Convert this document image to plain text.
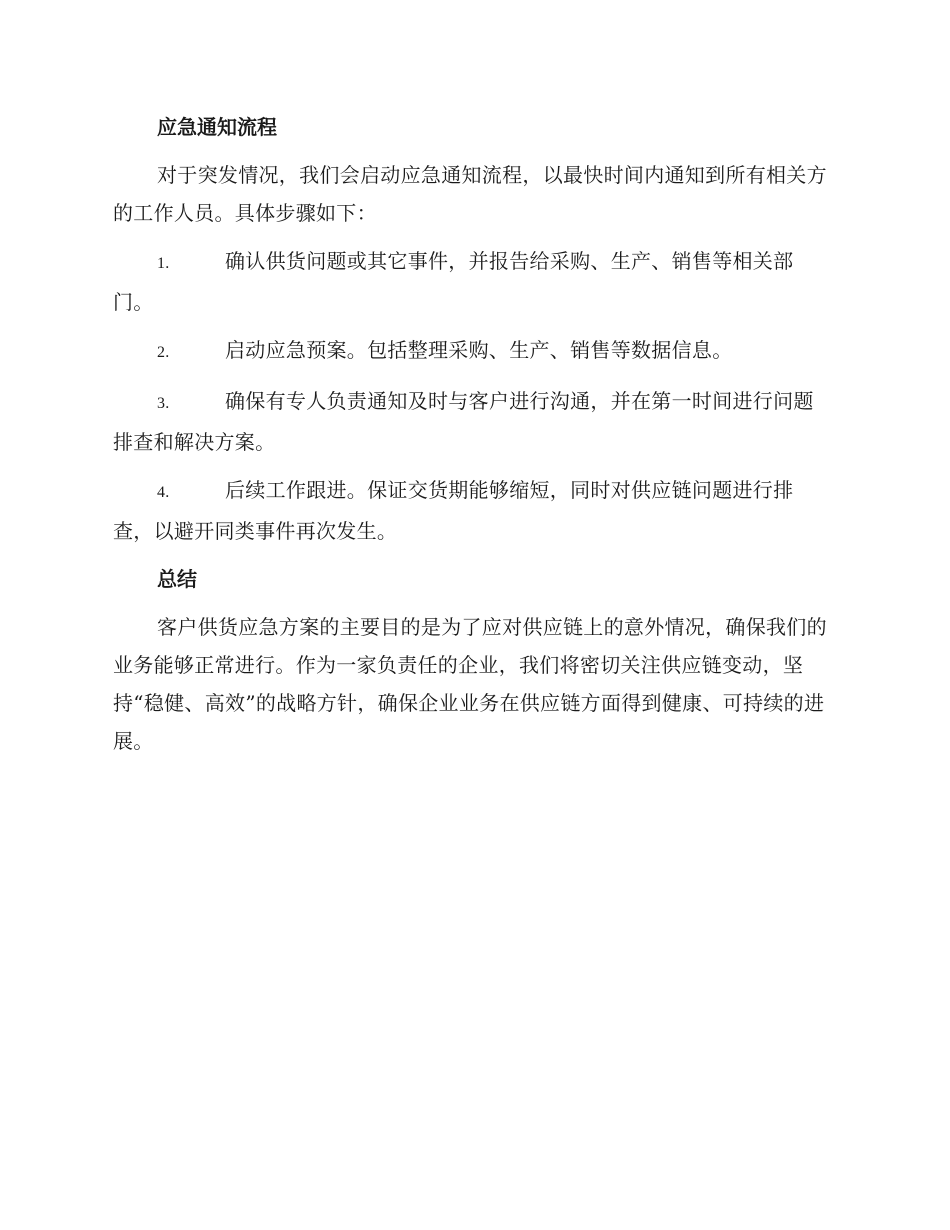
应急通知流程

对于突发情况，我们会启动应急通知流程，以最快时间内通知到所有相关方的工作人员。具体步骤如下：

1.	确认供货问题或其它事件，并报告给采购、生产、销售等相关部门。

2.	启动应急预案。包括整理采购、生产、销售等数据信息。

3.	确保有专人负责通知及时与客户进行沟通，并在第一时间进行问题排查和解决方案。

4.	后续工作跟进。保证交货期能够缩短，同时对供应链问题进行排查，以避开同类事件再次发生。

总结

客户供货应急方案的主要目的是为了应对供应链上的意外情况，确保我们的业务能够正常进行。作为一家负责任的企业，我们将密切关注供应链变动，坚持“稳健、高效”的战略方针，确保企业业务在供应链方面得到健康、可持续的进展。
